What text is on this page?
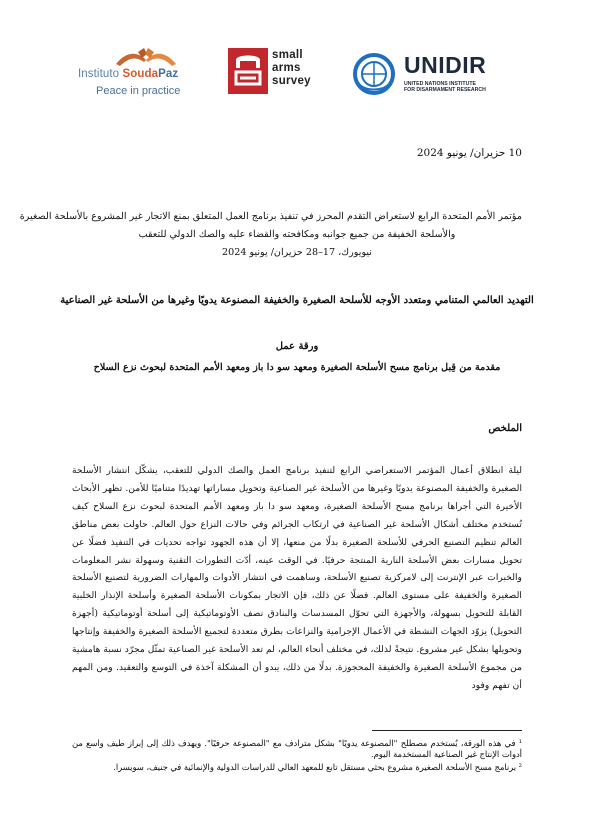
Instituto SoudaPaz
Peace in practice
small
arms
survey
UNIDIR
UNITED NATIONS INSTITUTE
FOR DISARMAMENT RESEARCH
10 حزيران/ يونيو 2024
مؤتمر الأمم المتحدة الرابع لاستعراض التقدم المحرز في تنفيذ برنامج العمل المتعلق بمنع الاتجار غير المشروع بالأسلحة الصغيرة
والأسلحة الخفيفة من جميع جوانبه ومكافحته والقضاء عليه والصك الدولي للتعقب
نيويورك، 17–28 حزيران/ يونيو 2024
التهديد العالمي المتنامي ومتعدد الأوجه للأسلحة الصغيرة والخفيفة المصنوعة يدويًا وغيرها من الأسلحة غير الصناعية
ورقة عمل
مقدمة من قِبل برنامج مسح الأسلحة الصغيرة ومعهد سو دا باز ومعهد الأمم المتحدة لبحوث نزع السلاح
الملخص
ليلة انطلاق أعمال المؤتمر الاستعراضي الرابع لتنفيذ برنامج العمل والصك الدولي للتعقب، يشكّل انتشار الأسلحة الصغيرة والخفيفة المصنوعة يدويًا وغيرها من الأسلحة غير الصناعية وتحويل مساراتها تهديدًا متناميًا للأمن. تظهر الأبحاث الأخيرة التي أجراها برنامج مسح الأسلحة الصغيرة، ومعهد سو دا باز ومعهد الأمم المتحدة لبحوث نزع السلاح كيف تُستخدم مختلف أشكال الأسلحة غير الصناعية في ارتكاب الجرائم وفي حالات النزاع حول العالم. حاولت بعض مناطق العالم تنظيم التصنيع الحرفي للأسلحة الصغيرة بدلًا من منعها، إلا أن هذه الجهود تواجه تحديات في التنفيذ فضلًا عن تحويل مسارات بعض الأسلحة النارية المنتجة حرفيًا. في الوقت عينه، أدّت التطورات التقنية وسهولة نشر المعلومات والخبرات عبر الإنترنت إلى لامركزية تصنيع الأسلحة، وساهمت في انتشار الأدوات والمهارات الضرورية لتصنيع الأسلحة الصغيرة والخفيفة على مستوى العالم. فضلًا عن ذلك، فإن الاتجار بمكونات الأسلحة الصغيرة وأسلحة الإنذار الخلبية القابلة للتحويل بسهولة، والأجهزة التي تحوّل المسدسات والبنادق نصف الأوتوماتيكية إلى أسلحة أوتوماتيكية (أجهزة التحويل) يزوّد الجهات النشطة في الأعمال الإجرامية والنزاعات بطرق متعددة لتجميع الأسلحة الصغيرة والخفيفة وإنتاجها وتحويلها بشكل غير مشروع. نتيجةً لذلك، في مختلف أنحاء العالم، لم تعد الأسلحة غير الصناعية تمثّل مجرّد نسبة هامشية من مجموع الأسلحة الصغيرة والخفيفة المحجوزة. بدلًا من ذلك، يبدو أن المشكلة آخذة في التوسع والتعقيد. ومن المهم أن تفهم وفود
¹ في هذه الورقة، يُستخدم مصطلح "المصنوعة يدويًا" بشكل مترادف مع "المصنوعة حرفيًا". ويهدف ذلك إلى إبراز طيف واسع من أدوات الإنتاج غير الصناعية المستخدمة اليوم.
² برنامج مسح الأسلحة الصغيرة مشروع بحثي مستقل تابع للمعهد العالي للدراسات الدولية والإنمائية في جنيف، سويسرا.
